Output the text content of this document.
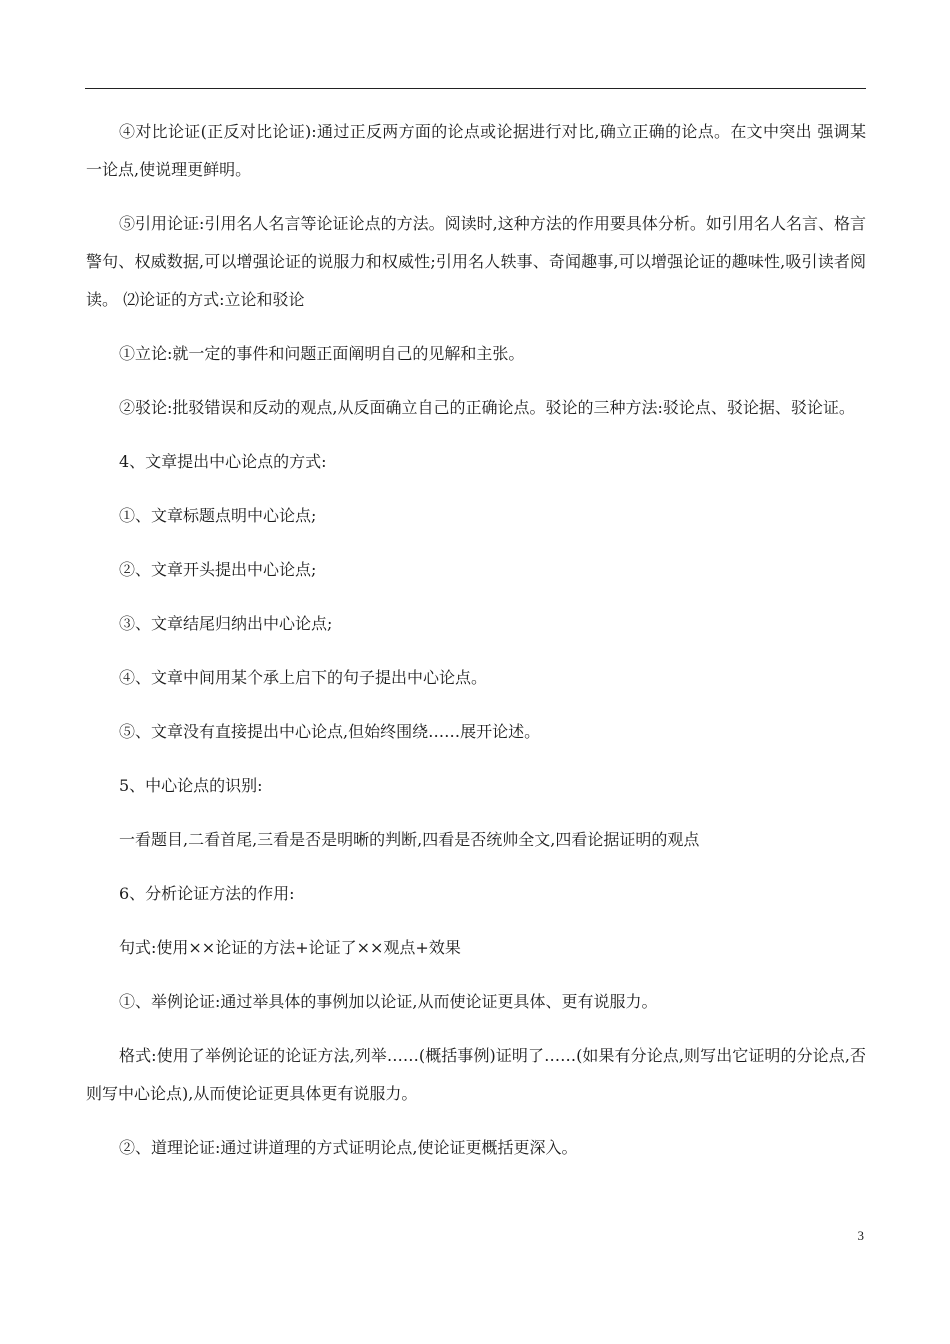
④对比论证(正反对比论证):通过正反两方面的论点或论据进行对比,确立正确的论点。在文中突出 强调某一论点,使说理更鲜明。

⑤引用论证:引用名人名言等论证论点的方法。阅读时,这种方法的作用要具体分析。如引用名人名言、格言警句、权威数据,可以增强论证的说服力和权威性;引用名人轶事、奇闻趣事,可以增强论证的趣味性,吸引读者阅读。 ⑵论证的方式:立论和驳论

①立论:就一定的事件和问题正面阐明自己的见解和主张。

②驳论:批驳错误和反动的观点,从反面确立自己的正确论点。驳论的三种方法:驳论点、驳论据、驳论证。

4、文章提出中心论点的方式:

①、文章标题点明中心论点;

②、文章开头提出中心论点;

③、文章结尾归纳出中心论点;

④、文章中间用某个承上启下的句子提出中心论点。

⑤、文章没有直接提出中心论点,但始终围绕……展开论述。

5、中心论点的识别:

一看题目,二看首尾,三看是否是明晰的判断,四看是否统帅全文,四看论据证明的观点

6、分析论证方法的作用:

句式:使用××论证的方法+论证了××观点+效果

①、举例论证:通过举具体的事例加以论证,从而使论证更具体、更有说服力。

格式:使用了举例论证的论证方法,列举……(概括事例)证明了……(如果有分论点,则写出它证明的分论点,否则写中心论点),从而使论证更具体更有说服力。

②、道理论证:通过讲道理的方式证明论点,使论证更概括更深入。

3
